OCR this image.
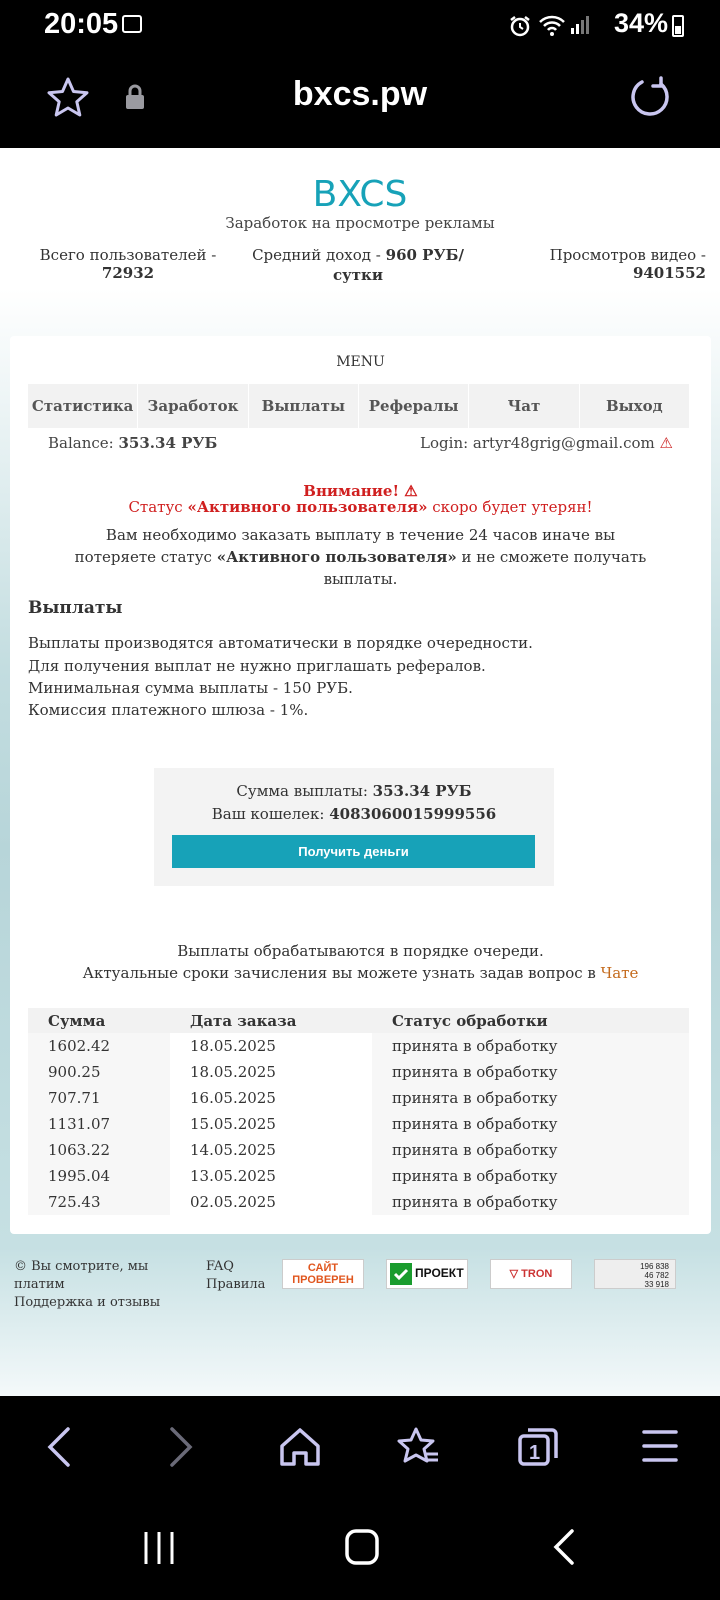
20:05	34%
bxcs.pw
BXCS
Заработок на просмотре рекламы
Всего пользователей - 72932
Средний доход - 960 РУБ/
сутки
Просмотров видео - 9401552
MENU
Статистика Заработок	Выплаты	Рефералы	Чат	Выход
Balance: 353.34 РУБ	Login: artyr48grig@gmail.com ⚠
Внимание! ⚠
Статус «Активного пользователя» скоро будет утерян!
Вам необходимо заказать выплату в течение 24 часов иначе вы
потеряете статус «Активного пользователя» и не сможете получать выплаты.
Выплаты
Выплаты производятся автоматически в порядке очередности.
Для получения выплат не нужно приглашать рефералов.
Минимальная сумма выплаты - 150 РУБ.
Комиссия платежного шлюза - 1%.
Сумма выплаты: 353.34 РУБ
Ваш кошелек: 4083060015999556
Получить деньги
Выплаты обрабатываются в порядке очереди.
Актуальные сроки зачисления вы можете узнать задав вопрос в Чате
Сумма	Дата заказа	Статус обработки
1602.42	18.05.2025	принята в обработку
900.25	18.05.2025	принята в обработку
707.71	16.05.2025	принята в обработку
1131.07	15.05.2025	принята в обработку
1063.22	14.05.2025	принята в обработку
1995.04	13.05.2025	принята в обработку
725.43	02.05.2025	принята в обработку
© Вы смотрите, мы платим
Поддержка и отзывы
FAQ
Правила
САЙТ ПРОВЕРЕН	ПРОЕКТ	▽ TRON
196 838
46 782
33 918
1
